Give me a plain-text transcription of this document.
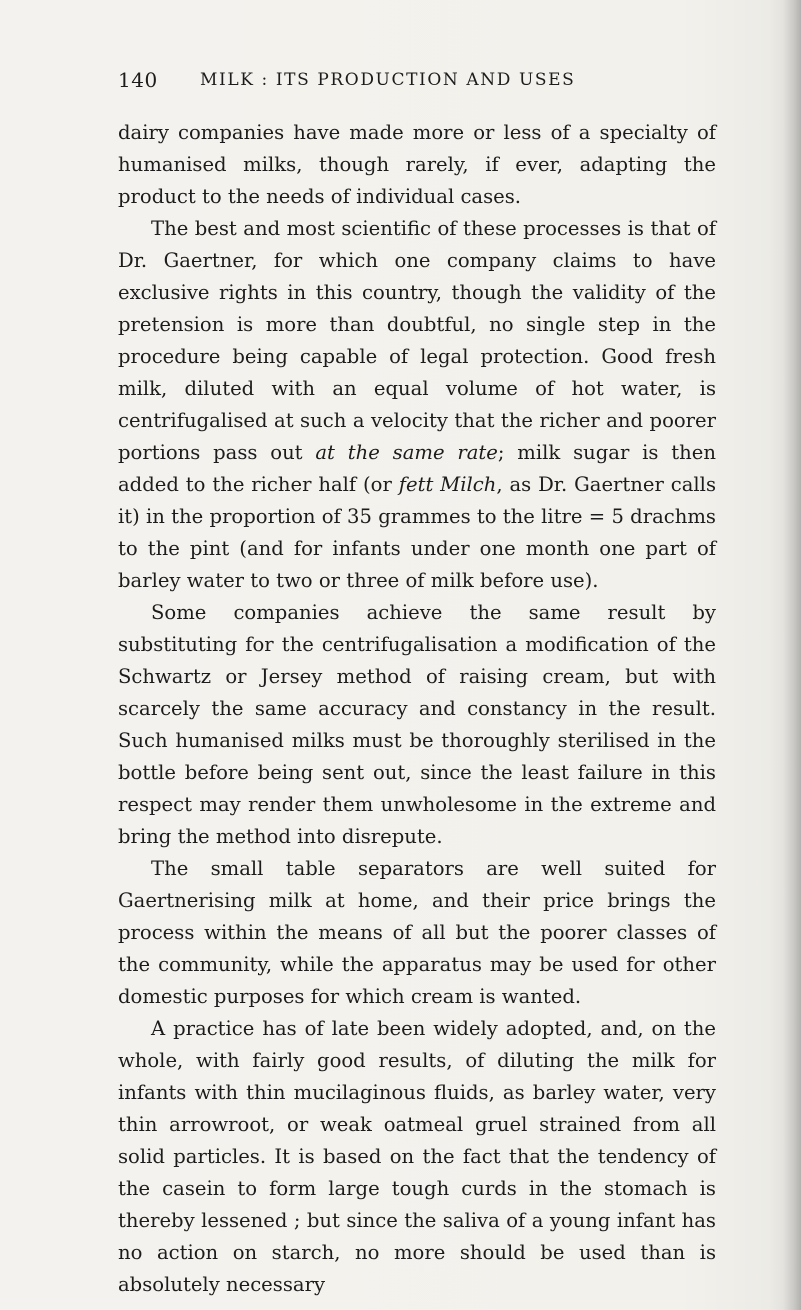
140 MILK : ITS PRODUCTION AND USES

dairy companies have made more or less of a specialty of humanised milks, though rarely, if ever, adapting the product to the needs of individual cases.

The best and most scientific of these processes is that of Dr. Gaertner, for which one company claims to have exclusive rights in this country, though the validity of the pretension is more than doubtful, no single step in the procedure being capable of legal protection. Good fresh milk, diluted with an equal volume of hot water, is centrifugalised at such a velocity that the richer and poorer portions pass out at the same rate; milk sugar is then added to the richer half (or fett Milch, as Dr. Gaertner calls it) in the proportion of 35 grammes to the litre = 5 drachms to the pint (and for infants under one month one part of barley water to two or three of milk before use).

Some companies achieve the same result by substituting for the centrifugalisation a modification of the Schwartz or Jersey method of raising cream, but with scarcely the same accuracy and constancy in the result. Such humanised milks must be thoroughly sterilised in the bottle before being sent out, since the least failure in this respect may render them unwholesome in the extreme and bring the method into disrepute.

The small table separators are well suited for Gaertnerising milk at home, and their price brings the process within the means of all but the poorer classes of the community, while the apparatus may be used for other domestic purposes for which cream is wanted.

A practice has of late been widely adopted, and, on the whole, with fairly good results, of diluting the milk for infants with thin mucilaginous fluids, as barley water, very thin arrowroot, or weak oatmeal gruel strained from all solid particles. It is based on the fact that the tendency of the casein to form large tough curds in the stomach is thereby lessened ; but since the saliva of a young infant has no action on starch, no more should be used than is absolutely necessary
